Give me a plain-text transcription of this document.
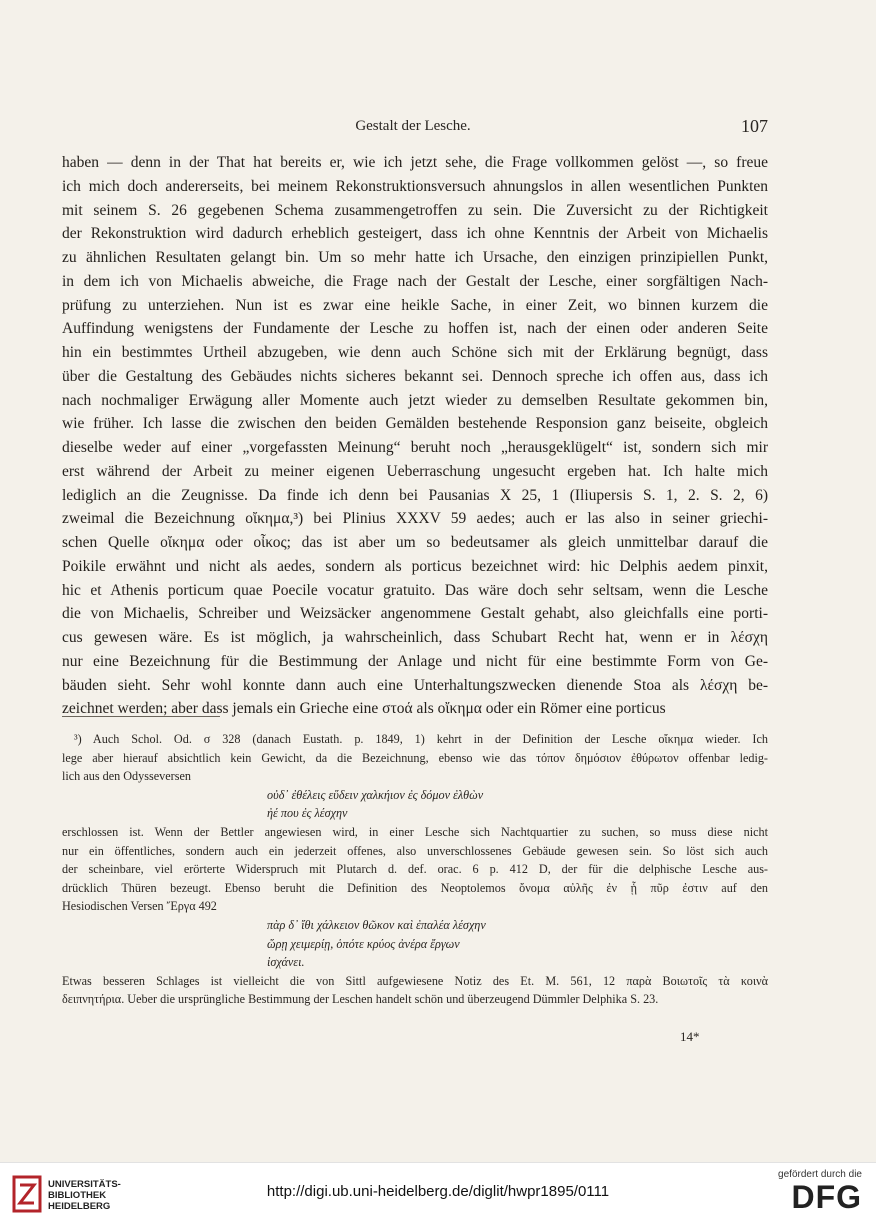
Gestalt der Lesche.	107
haben — denn in der That hat bereits er, wie ich jetzt sehe, die Frage vollkommen gelöst —, so freue
ich mich doch andererseits, bei meinem Rekonstruktionsversuch ahnungslos in allen wesentlichen Punkten
mit seinem S. 26 gegebenen Schema zusammengetroffen zu sein. Die Zuversicht zu der Richtigkeit
der Rekonstruktion wird dadurch erheblich gesteigert, dass ich ohne Kenntnis der Arbeit von Michaelis
zu ähnlichen Resultaten gelangt bin. Um so mehr hatte ich Ursache, den einzigen prinzipiellen Punkt,
in dem ich von Michaelis abweiche, die Frage nach der Gestalt der Lesche, einer sorgfältigen Nach-
prüfung zu unterziehen. Nun ist es zwar eine heikle Sache, in einer Zeit, wo binnen kurzem die
Auffindung wenigstens der Fundamente der Lesche zu hoffen ist, nach der einen oder anderen Seite
hin ein bestimmtes Urtheil abzugeben, wie denn auch Schöne sich mit der Erklärung begnügt, dass
über die Gestaltung des Gebäudes nichts sicheres bekannt sei. Dennoch spreche ich offen aus, dass ich
nach nochmaliger Erwägung aller Momente auch jetzt wieder zu demselben Resultate gekommen bin,
wie früher. Ich lasse die zwischen den beiden Gemälden bestehende Responsion ganz beiseite, obgleich
dieselbe weder auf einer „vorgefassten Meinung“ beruht noch „herausgeklügelt“ ist, sondern sich mir
erst während der Arbeit zu meiner eigenen Ueberraschung ungesucht ergeben hat. Ich halte mich
lediglich an die Zeugnisse. Da finde ich denn bei Pausanias X 25, 1 (Iliupersis S. 1, 2. S. 2, 6)
zweimal die Bezeichnung οἴκημα,³) bei Plinius XXXV 59 aedes; auch er las also in seiner griechi-
schen Quelle οἴκημα oder οἶκος; das ist aber um so bedeutsamer als gleich unmittelbar darauf die
Poikile erwähnt und nicht als aedes, sondern als porticus bezeichnet wird: hic Delphis aedem pinxit,
hic et Athenis porticum quae Poecile vocatur gratuito. Das wäre doch sehr seltsam, wenn die Lesche
die von Michaelis, Schreiber und Weizsäcker angenommene Gestalt gehabt, also gleichfalls eine porti-
cus gewesen wäre. Es ist möglich, ja wahrscheinlich, dass Schubart Recht hat, wenn er in λέσχη
nur eine Bezeichnung für die Bestimmung der Anlage und nicht für eine bestimmte Form von Ge-
bäuden sieht. Sehr wohl konnte dann auch eine Unterhaltungszwecken dienende Stoa als λέσχη be-
zeichnet werden; aber dass jemals ein Grieche eine στοά als οἴκημα oder ein Römer eine porticus
³) Auch Schol. Od. σ 328 (danach Eustath. p. 1849, 1) kehrt in der Definition der Lesche οἴκημα wieder. Ich
lege aber hierauf absichtlich kein Gewicht, da die Bezeichnung, ebenso wie das τόπον δημόσιον ἐθύρωτον offenbar ledig-
lich aus den Odysseversen
οὐδ᾽ ἐθέλεις εὕδειν χαλκήιον ἐς δόμον ἐλθὼν
ἠέ που ἐς λέσχην
erschlossen ist. Wenn der Bettler angewiesen wird, in einer Lesche sich Nachtquartier zu suchen, so muss diese nicht
nur ein öffentliches, sondern auch ein jederzeit offenes, also unverschlossenes Gebäude gewesen sein. So löst sich auch
der scheinbare, viel erörterte Widerspruch mit Plutarch d. def. orac. 6 p. 412 D, der für die delphische Lesche aus-
drücklich Thüren bezeugt. Ebenso beruht die Definition des Neoptolemos ὄνομα αὐλῆς ἐν ᾗ πῦρ ἐστιν auf den
Hesiodischen Versen Ἔργα 492
πὰρ δ᾽ ἴθι χάλκειον θῶκον καὶ ἐπαλέα λέσχην
ὥρῃ χειμερίῃ, ὁπότε κρύος ἀνέρα ἔργων
ἰσχάνει.
Etwas besseren Schlages ist vielleicht die von Sittl aufgewiesene Notiz des Et. M. 561, 12 παρὰ Βοιωτοῖς τὰ κοινὰ
δειπνητήρια. Ueber die ursprüngliche Bestimmung der Leschen handelt schön und überzeugend Dümmler Delphika S. 23.
14*
UNIVERSITÄTS-
BIBLIOTHEK
HEIDELBERG
http://digi.ub.uni-heidelberg.de/diglit/hwpr1895/0111
gefördert durch die
DFG
